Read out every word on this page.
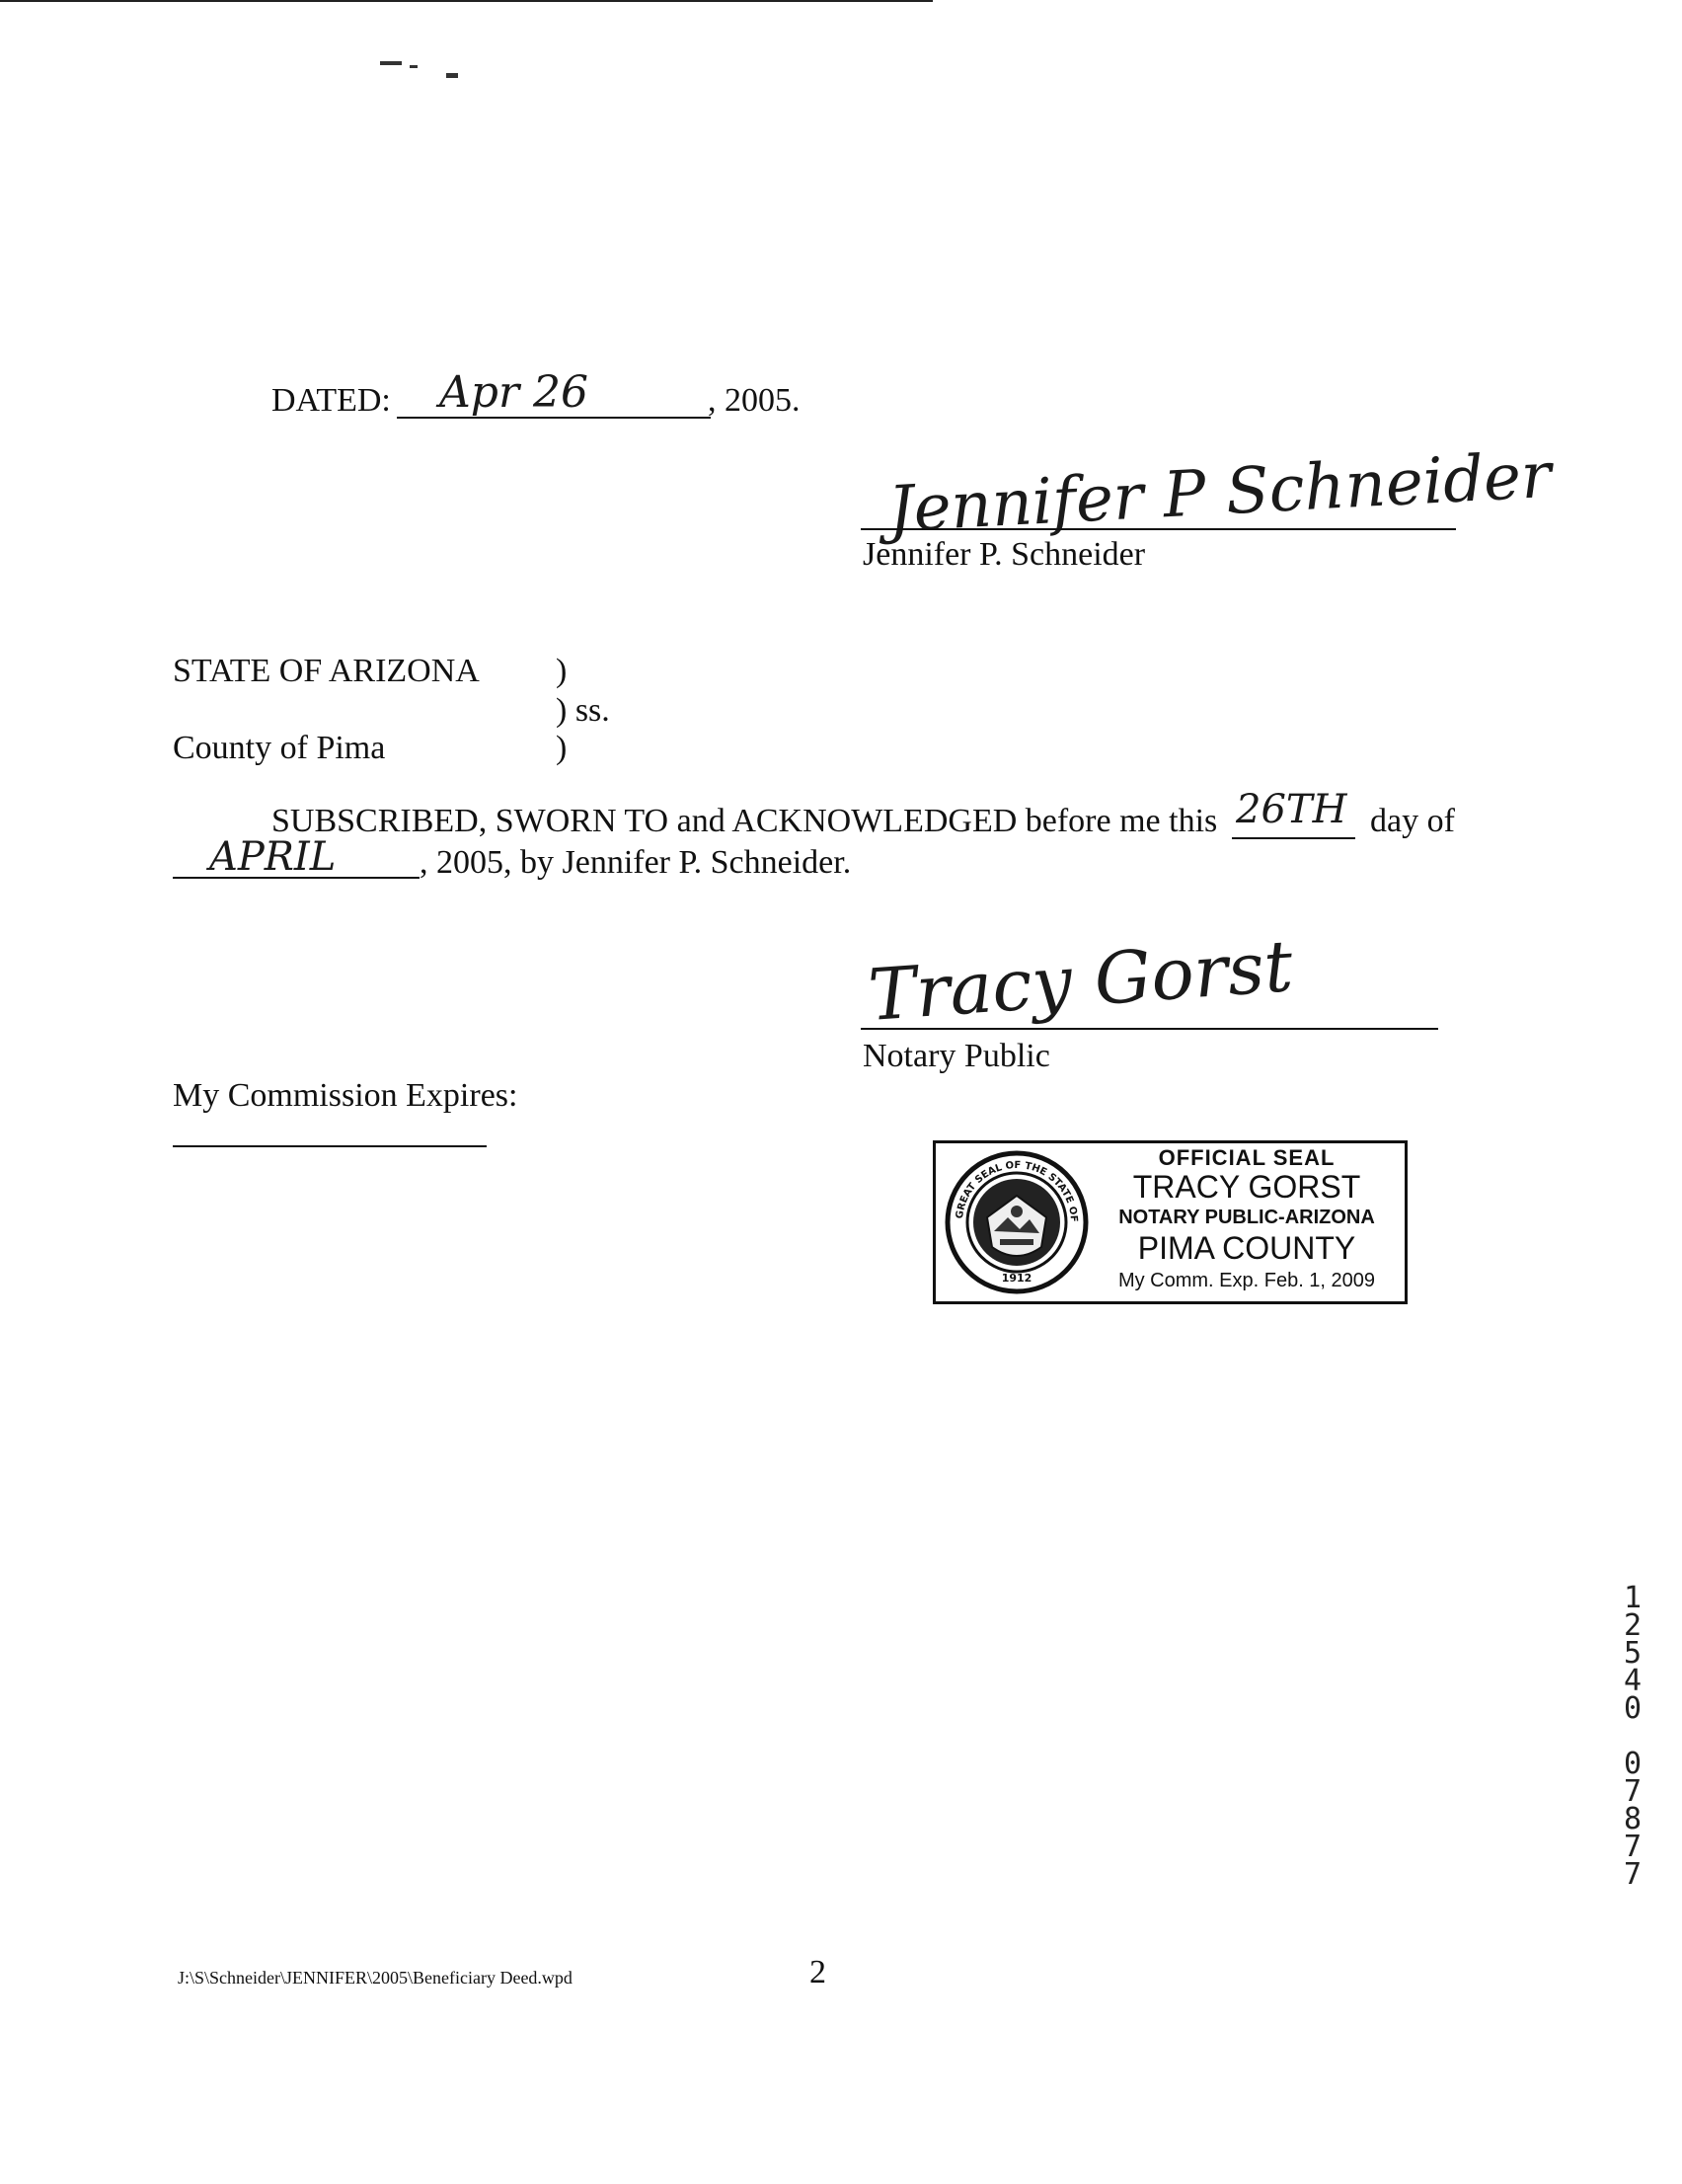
DATED: Apr 26	, 2005.
Jennifer P Schneider
Jennifer P. Schneider
STATE OF ARIZONA )
) ss.
County of Pima	)
SUBSCRIBED, SWORN TO and ACKNOWLEDGED before me this 26TH day of
APRIL , 2005, by Jennifer P. Schneider.
Tracy Gorst
Notary Public
My Commission Expires:
1912
GREAT SEAL OF THE STATE OF ARIZONA	OFFICIAL SEAL
TRACY GORST
NOTARY PUBLIC-ARIZONA
PIMA COUNTY
My Comm. Exp. Feb. 1, 2009
1
2
5
4
0
0
7
8
7
7
J:\S\Schneider\JENNIFER\2005\Beneficiary Deed.wpd	2
